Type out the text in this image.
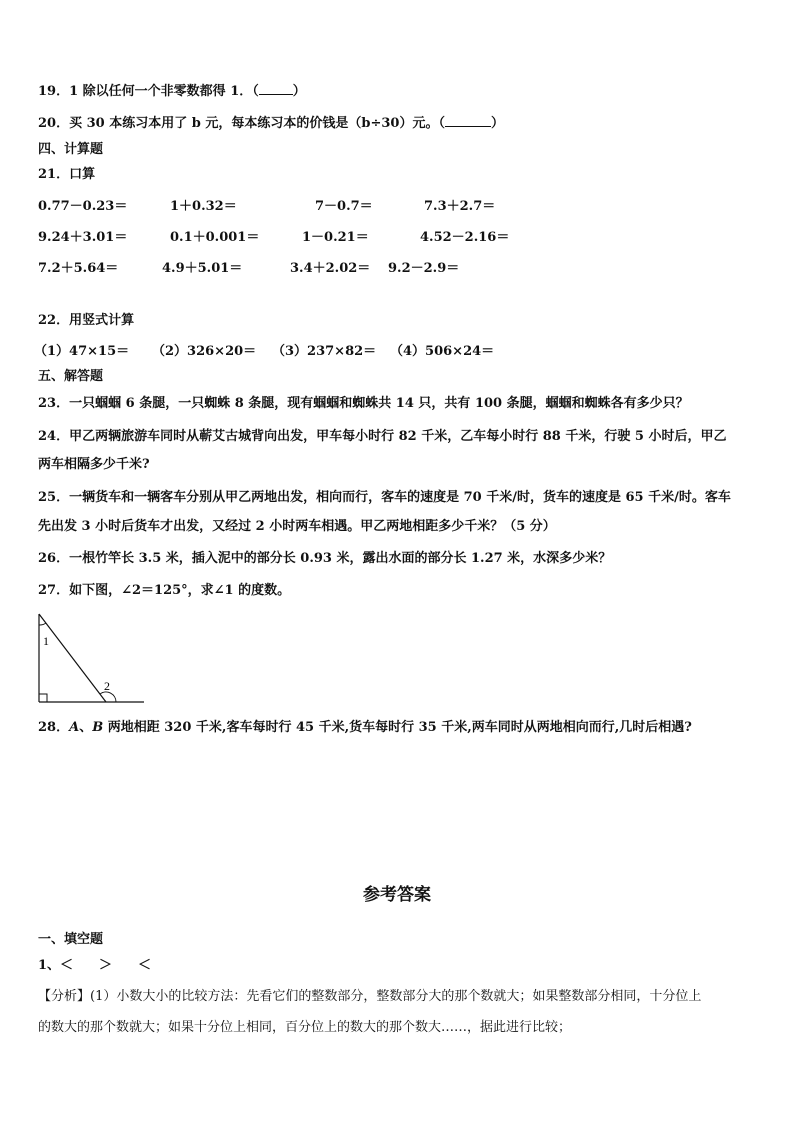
19．1 除以任何一个非零数都得 1．（	）
20．买 30 本练习本用了 b 元，每本练习本的价钱是（b÷30）元。（	）
四、计算题
21．口算
0.77－0.23＝	1＋0.32＝	7－0.7＝	7.3＋2.7＝
9.24＋3.01＝	0.1＋0.001＝	1－0.21＝	4.52－2.16＝
7.2＋5.64＝	4.9＋5.01＝	3.4＋2.02＝ 9.2－2.9＝
22．用竖式计算
（1）47×15＝ （2）326×20＝ （3）237×82＝ （4）506×24＝
五、解答题
23．一只蝈蝈 6 条腿，一只蜘蛛 8 条腿，现有蝈蝈和蜘蛛共 14 只，共有 100 条腿，蝈蝈和蜘蛛各有多少只？
24．甲乙两辆旅游车同时从蕲艾古城背向出发，甲车每小时行 82 千米，乙车每小时行 88 千米，行驶 5 小时后，甲乙
两车相隔多少千米?
25．一辆货车和一辆客车分别从甲乙两地出发，相向而行，客车的速度是 70 千米/时，货车的速度是 65 千米/时。客车
先出发 3 小时后货车才出发，又经过 2 小时两车相遇。甲乙两地相距多少千米？（5 分）
26．一根竹竿长 3.5 米，插入泥中的部分长 0.93 米，露出水面的部分长 1.27 米，水深多少米？
27．如下图，∠2＝125°，求∠1 的度数。
1
2
28．A、B 两地相距 320 千米,客车每时行 45 千米,货车每时行 35 千米,两车同时从两地相向而行,几时后相遇?
参考答案
一、填空题
1、＜　　＞　　＜
【分析】(1）小数大小的比较方法：先看它们的整数部分，整数部分大的那个数就大；如果整数部分相同，十分位上
的数大的那个数就大；如果十分位上相同，百分位上的数大的那个数大……，据此进行比较；
